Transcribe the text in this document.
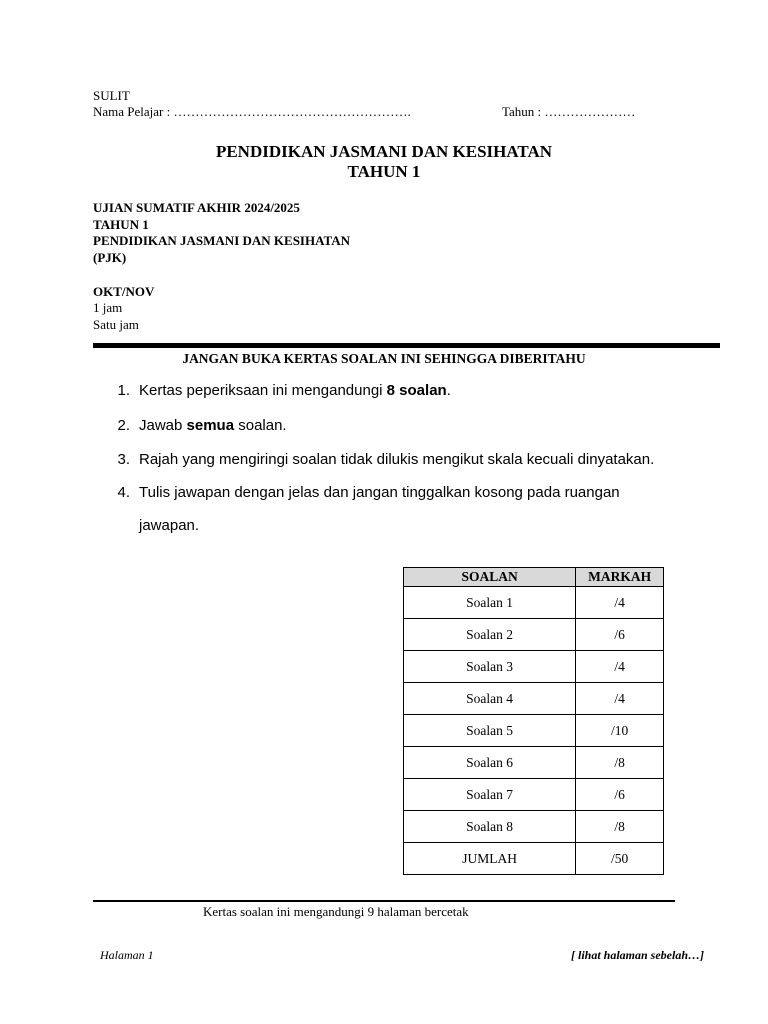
SULIT
Nama Pelajar : ……………………………………………….	Tahun : …………………
PENDIDIKAN JASMANI DAN KESIHATAN
TAHUN 1
UJIAN SUMATIF AKHIR 2024/2025
TAHUN 1
PENDIDIKAN JASMANI DAN KESIHATAN
(PJK)
OKT/NOV
1 jam
Satu jam
JANGAN BUKA KERTAS SOALAN INI SEHINGGA DIBERITAHU
1. Kertas peperiksaan ini mengandungi 8 soalan.
2. Jawab semua soalan.
3. Rajah yang mengiringi soalan tidak dilukis mengikut skala kecuali dinyatakan.
4. Tulis jawapan dengan jelas dan jangan tinggalkan kosong pada ruangan
jawapan.
SOALAN	MARKAH
Soalan 1	/4
Soalan 2	/6
Soalan 3	/4
Soalan 4	/4
Soalan 5	/10
Soalan 6	/8
Soalan 7	/6
Soalan 8	/8
JUMLAH	/50
Kertas soalan ini mengandungi 9 halaman bercetak
Halaman 1	[ lihat halaman sebelah…]
